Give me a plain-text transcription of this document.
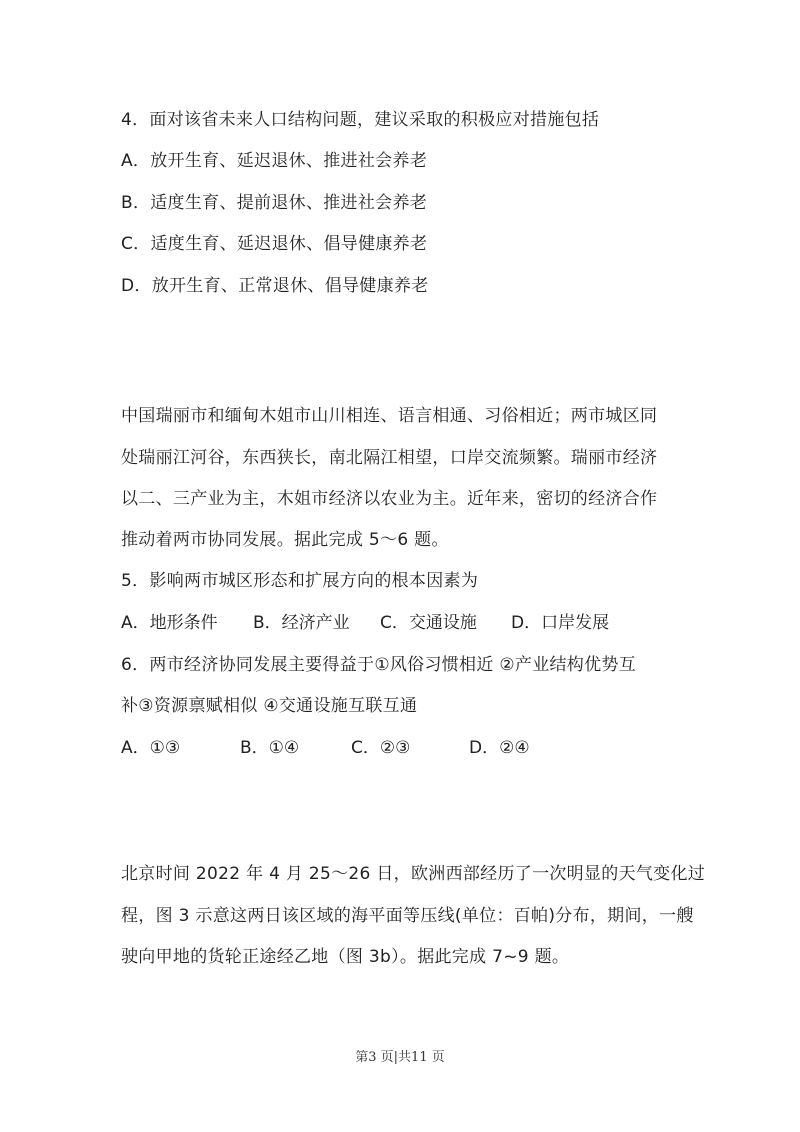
4．面对该省未来人口结构问题，建议采取的积极应对措施包括
A．放开生育、延迟退休、推进社会养老
B．适度生育、提前退休、推进社会养老
C．适度生育、延迟退休、倡导健康养老
D．放开生育、正常退休、倡导健康养老
中国瑞丽市和缅甸木姐市山川相连、语言相通、习俗相近；两市城区同
处瑞丽江河谷，东西狭长，南北隔江相望，口岸交流频繁。瑞丽市经济
以二、三产业为主，木姐市经济以农业为主。近年来，密切的经济合作
推动着两市协同发展。据此完成 5～6 题。
5．影响两市城区形态和扩展方向的根本因素为
A．地形条件 B．经济产业 C．交通设施 D．口岸发展
6．两市经济协同发展主要得益于①风俗习惯相近 ②产业结构优势互
补③资源禀赋相似 ④交通设施互联互通
A．①③	B．①④	C．②③	D．②④
北京时间 2022 年 4 月 25～26 日，欧洲西部经历了一次明显的天气变化过
程，图 3 示意这两日该区域的海平面等压线(单位：百帕)分布，期间，一艘
驶向甲地的货轮正途经乙地（图 3b）。据此完成 7~9 题。
第3 页|共11 页
